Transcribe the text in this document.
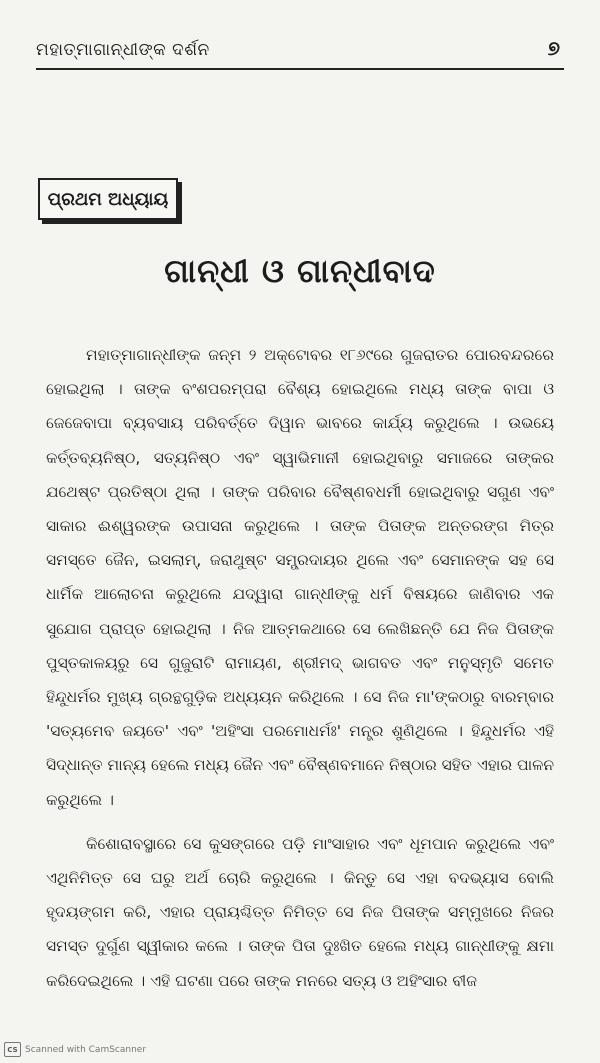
ମହାତ୍ମାଗାନ୍ଧୀଙ୍କ ଦର୍ଶନ	୭
ପ୍ରଥମ ଅଧ୍ୟାୟ
ଗାନ୍ଧୀ ଓ ଗାନ୍ଧୀବାଦ

ମହାତ୍ମାଗାନ୍ଧୀଙ୍କ ଜନ୍ମ ୨ ଅକ୍ଟୋବର ୧୮୬୯ରେ ଗୁଜରାତର ପୋରବନ୍ଦରରେ ହୋଇଥିଲା । ତାଙ୍କ ବଂଶପରମ୍ପରା ବୈଶ୍ୟ ହୋଇଥିଲେ ମଧ୍ୟ ତାଙ୍କ ବାପା ଓ ଜେଜେବାପା ବ୍ୟବସାୟ ପରିବର୍ତ୍ତେ ଦିୱାନ ଭାବରେ କାର୍ଯ୍ୟ କରୁଥିଲେ । ଉଭୟେ କର୍ତ୍ତବ୍ୟନିଷ୍ଠ, ସତ୍ୟନିଷ୍ଠ ଏବଂ ସ୍ୱାଭିମାନୀ ହୋଇଥିବାରୁ ସମାଜରେ ତାଙ୍କର ଯଥେଷ୍ଟ ପ୍ରତିଷ୍ଠା ଥିଲା । ତାଙ୍କ ପରିବାର ବୈଷ୍ଣବଧର୍ମୀ ହୋଇଥିବାରୁ ସଗୁଣ ଏବଂ ସାକାର ଈଶ୍ୱରଙ୍କ ଉପାସନା କରୁଥିଲେ । ତାଙ୍କ ପିତାଙ୍କ ଅନ୍ତରଙ୍ଗ ମିତ୍ର ସମସ୍ତେ ଜୈନ, ଇସଲାମ୍, ଜରାଥୁଷ୍ଟ ସମ୍ପ୍ରଦାୟର ଥିଲେ ଏବଂ ସେମାନଙ୍କ ସହ ସେ ଧାର୍ମିକ ଆଲୋଚନା କରୁଥିଲେ ଯଦ୍ୱାରା ଗାନ୍ଧୀଙ୍କୁ ଧର୍ମ ବିଷୟରେ ଜାଣିବାର ଏକ ସୁଯୋଗ ପ୍ରାପ୍ତ ହୋଇଥିଲା । ନିଜ ଆତ୍ମକଥାରେ ସେ ଲେଖିଛନ୍ତି ଯେ ନିଜ ପିତାଙ୍କ ପୁସ୍ତକାଳୟରୁ ସେ ଗୁଜୁରାଟି ରାମାୟଣ, ଶ୍ରୀମଦ୍ ଭାଗବତ ଏବଂ ମନୁସ୍ମୃତି ସମେତ ହିନ୍ଦୁଧର୍ମର ମୁଖ୍ୟ ଗ୍ରନ୍ଥଗୁଡ଼ିକ ଅଧ୍ୟୟନ କରିଥିଲେ । ସେ ନିଜ ମା'ଙ୍କଠାରୁ ବାରମ୍ବାର 'ସତ୍ୟମେବ ଜୟତେ' ଏବଂ 'ଅହିଂସା ପରମୋଧର୍ମଃ' ମନ୍ତ୍ର ଶୁଣିଥିଲେ । ହିନ୍ଦୁଧର୍ମର ଏହି ସିଦ୍ଧାନ୍ତ ମାନ୍ୟ ହେଲେ ମଧ୍ୟ ଜୈନ ଏବଂ ବୈଷ୍ଣବମାନେ ନିଷ୍ଠାର ସହିତ ଏହାର ପାଳନ କରୁଥିଲେ ।

କିଶୋରାବସ୍ଥାରେ ସେ କୁସଙ୍ଗରେ ପଡ଼ି ମାଂସାହାର ଏବଂ ଧୂମପାନ କରୁଥିଲେ ଏବଂ ଏଥିନିମିତ୍ତ ସେ ଘରୁ ଅର୍ଥ ଚୋରି କରୁଥିଲେ । କିନ୍ତୁ ସେ ଏହା ବଦଭ୍ୟାସ ବୋଲି ହୃଦୟଙ୍ଗମ କରି, ଏହାର ପ୍ରାୟଶ୍ଚିତ୍ତ ନିମିତ୍ତ ସେ ନିଜ ପିତାଙ୍କ ସମ୍ମୁଖରେ ନିଜର ସମସ୍ତ ଦୁର୍ଗୁଣ ସ୍ୱୀକାର କଲେ । ତାଙ୍କ ପିତା ଦୁଃଖିତ ହେଲେ ମଧ୍ୟ ଗାନ୍ଧୀଙ୍କୁ କ୍ଷମା କରିଦେଇଥିଲେ । ଏହି ଘଟଣା ପରେ ତାଙ୍କ ମନରେ ସତ୍ୟ ଓ ଅହିଂସାର ବୀଜ

CS Scanned with CamScanner
